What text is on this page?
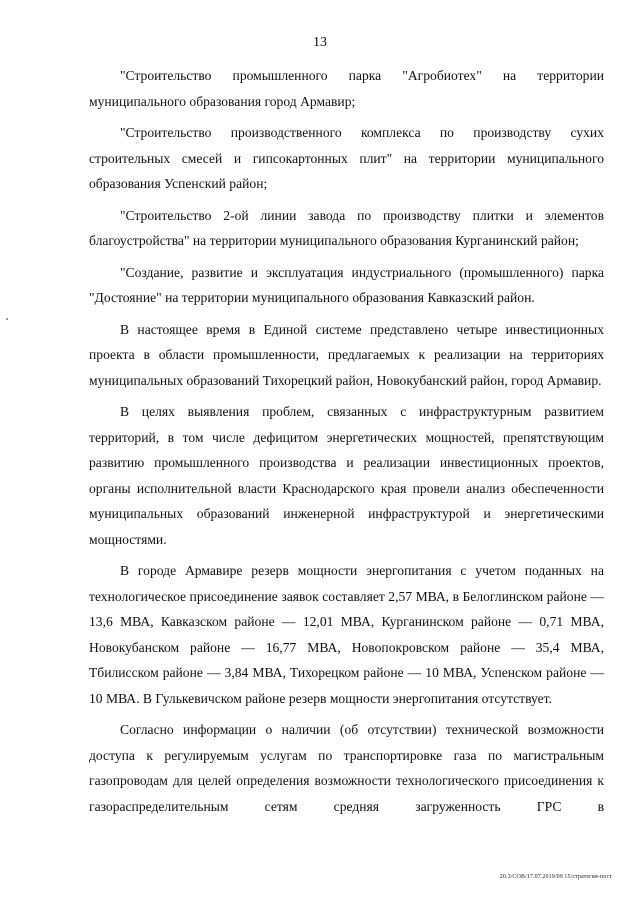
13

"Строительство промышленного парка "Агробиотех" на территории муниципального образования город Армавир;

"Строительство производственного комплекса по производству сухих строительных смесей и гипсокартонных плит" на территории муниципального образования Успенский район;

"Строительство 2-ой линии завода по производству плитки и элементов благоустройства" на территории муниципального образования Курганинский район;

"Создание, развитие и эксплуатация индустриального (промышленного) парка "Достояние" на территории муниципального образования Кавказский район.

В настоящее время в Единой системе представлено четыре инвестиционных проекта в области промышленности, предлагаемых к реализации на территориях муниципальных образований Тихорецкий район, Новокубанский район, город Армавир.

В целях выявления проблем, связанных с инфраструктурным развитием территорий, в том числе дефицитом энергетических мощностей, препятствующим развитию промышленного производства и реализации инвестиционных проектов, органы исполнительной власти Краснодарского края провели анализ обеспеченности муниципальных образований инженерной инфраструктурой и энергетическими мощностями.

В городе Армавире резерв мощности энергопитания с учетом поданных на технологическое присоединение заявок составляет 2,57 МВА, в Белоглинском районе — 13,6 МВА, Кавказском районе — 12,01 МВА, Курганинском районе — 0,71 МВА, Новокубанском районе — 16,77 МВА, Новопокровском районе — 35,4 МВА, Тбилисском районе — 3,84 МВА, Тихорецком районе — 10 МВА, Успенском районе — 10 МВА. В Гулькевичском районе резерв мощности энергопитания отсутствует.

Согласно информации о наличии (об отсутствии) технической возможности доступа к регулируемым услугам по транспортировке газа по магистральным газопроводам для целей определения возможности технологического присоединения к газораспределительным сетям средняя загруженность ГРС в

20.3/СОВ/17.07.2019/09 15/стратегия-пост
